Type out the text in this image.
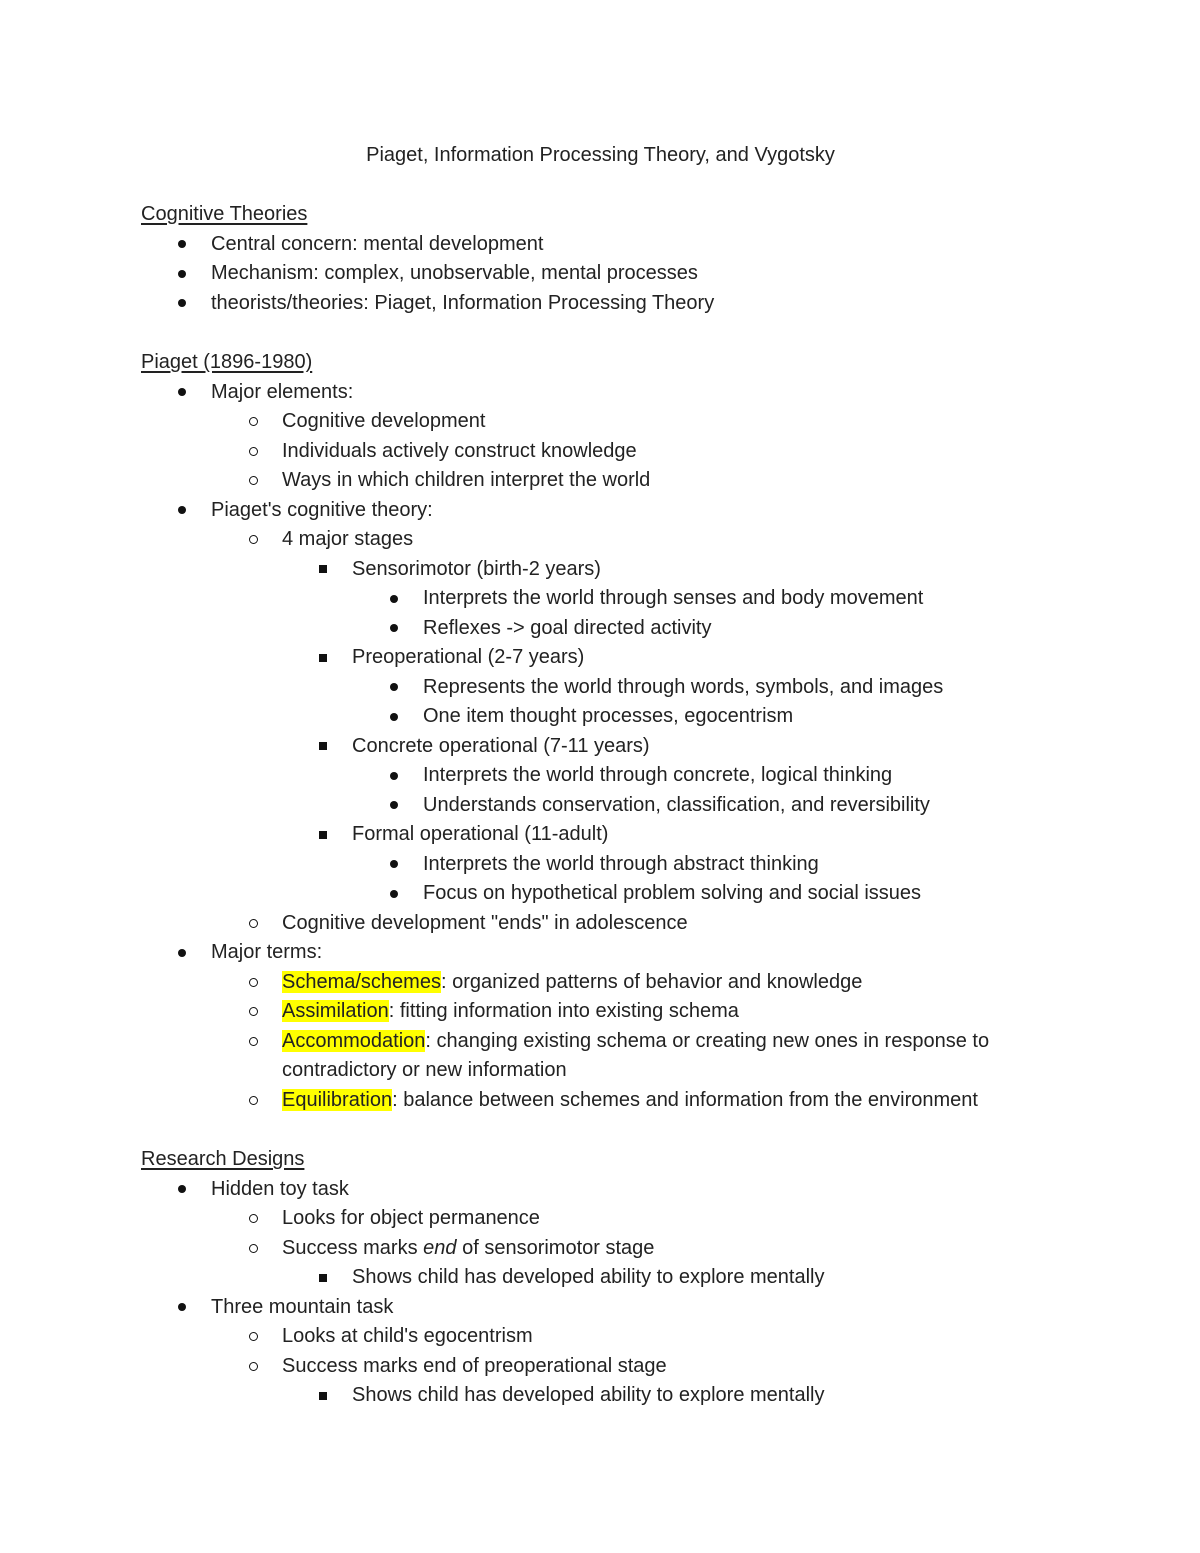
Piaget, Information Processing Theory, and Vygotsky
Cognitive Theories
Central concern: mental development
Mechanism: complex, unobservable, mental processes
theorists/theories: Piaget, Information Processing Theory
Piaget (1896-1980)
Major elements:
Cognitive development
Individuals actively construct knowledge
Ways in which children interpret the world
Piaget's cognitive theory:
4 major stages
Sensorimotor (birth-2 years)
Interprets the world through senses and body movement
Reflexes -> goal directed activity
Preoperational (2-7 years)
Represents the world through words, symbols, and images
One item thought processes, egocentrism
Concrete operational (7-11 years)
Interprets the world through concrete, logical thinking
Understands conservation, classification, and reversibility
Formal operational (11-adult)
Interprets the world through abstract thinking
Focus on hypothetical problem solving and social issues
Cognitive development "ends" in adolescence
Major terms:
Schema/schemes: organized patterns of behavior and knowledge
Assimilation: fitting information into existing schema
Accommodation: changing existing schema or creating new ones in response to
contradictory or new information
Equilibration: balance between schemes and information from the environment
Research Designs
Hidden toy task
Looks for object permanence
Success marks end of sensorimotor stage
Shows child has developed ability to explore mentally
Three mountain task
Looks at child's egocentrism
Success marks end of preoperational stage
Shows child has developed ability to explore mentally
